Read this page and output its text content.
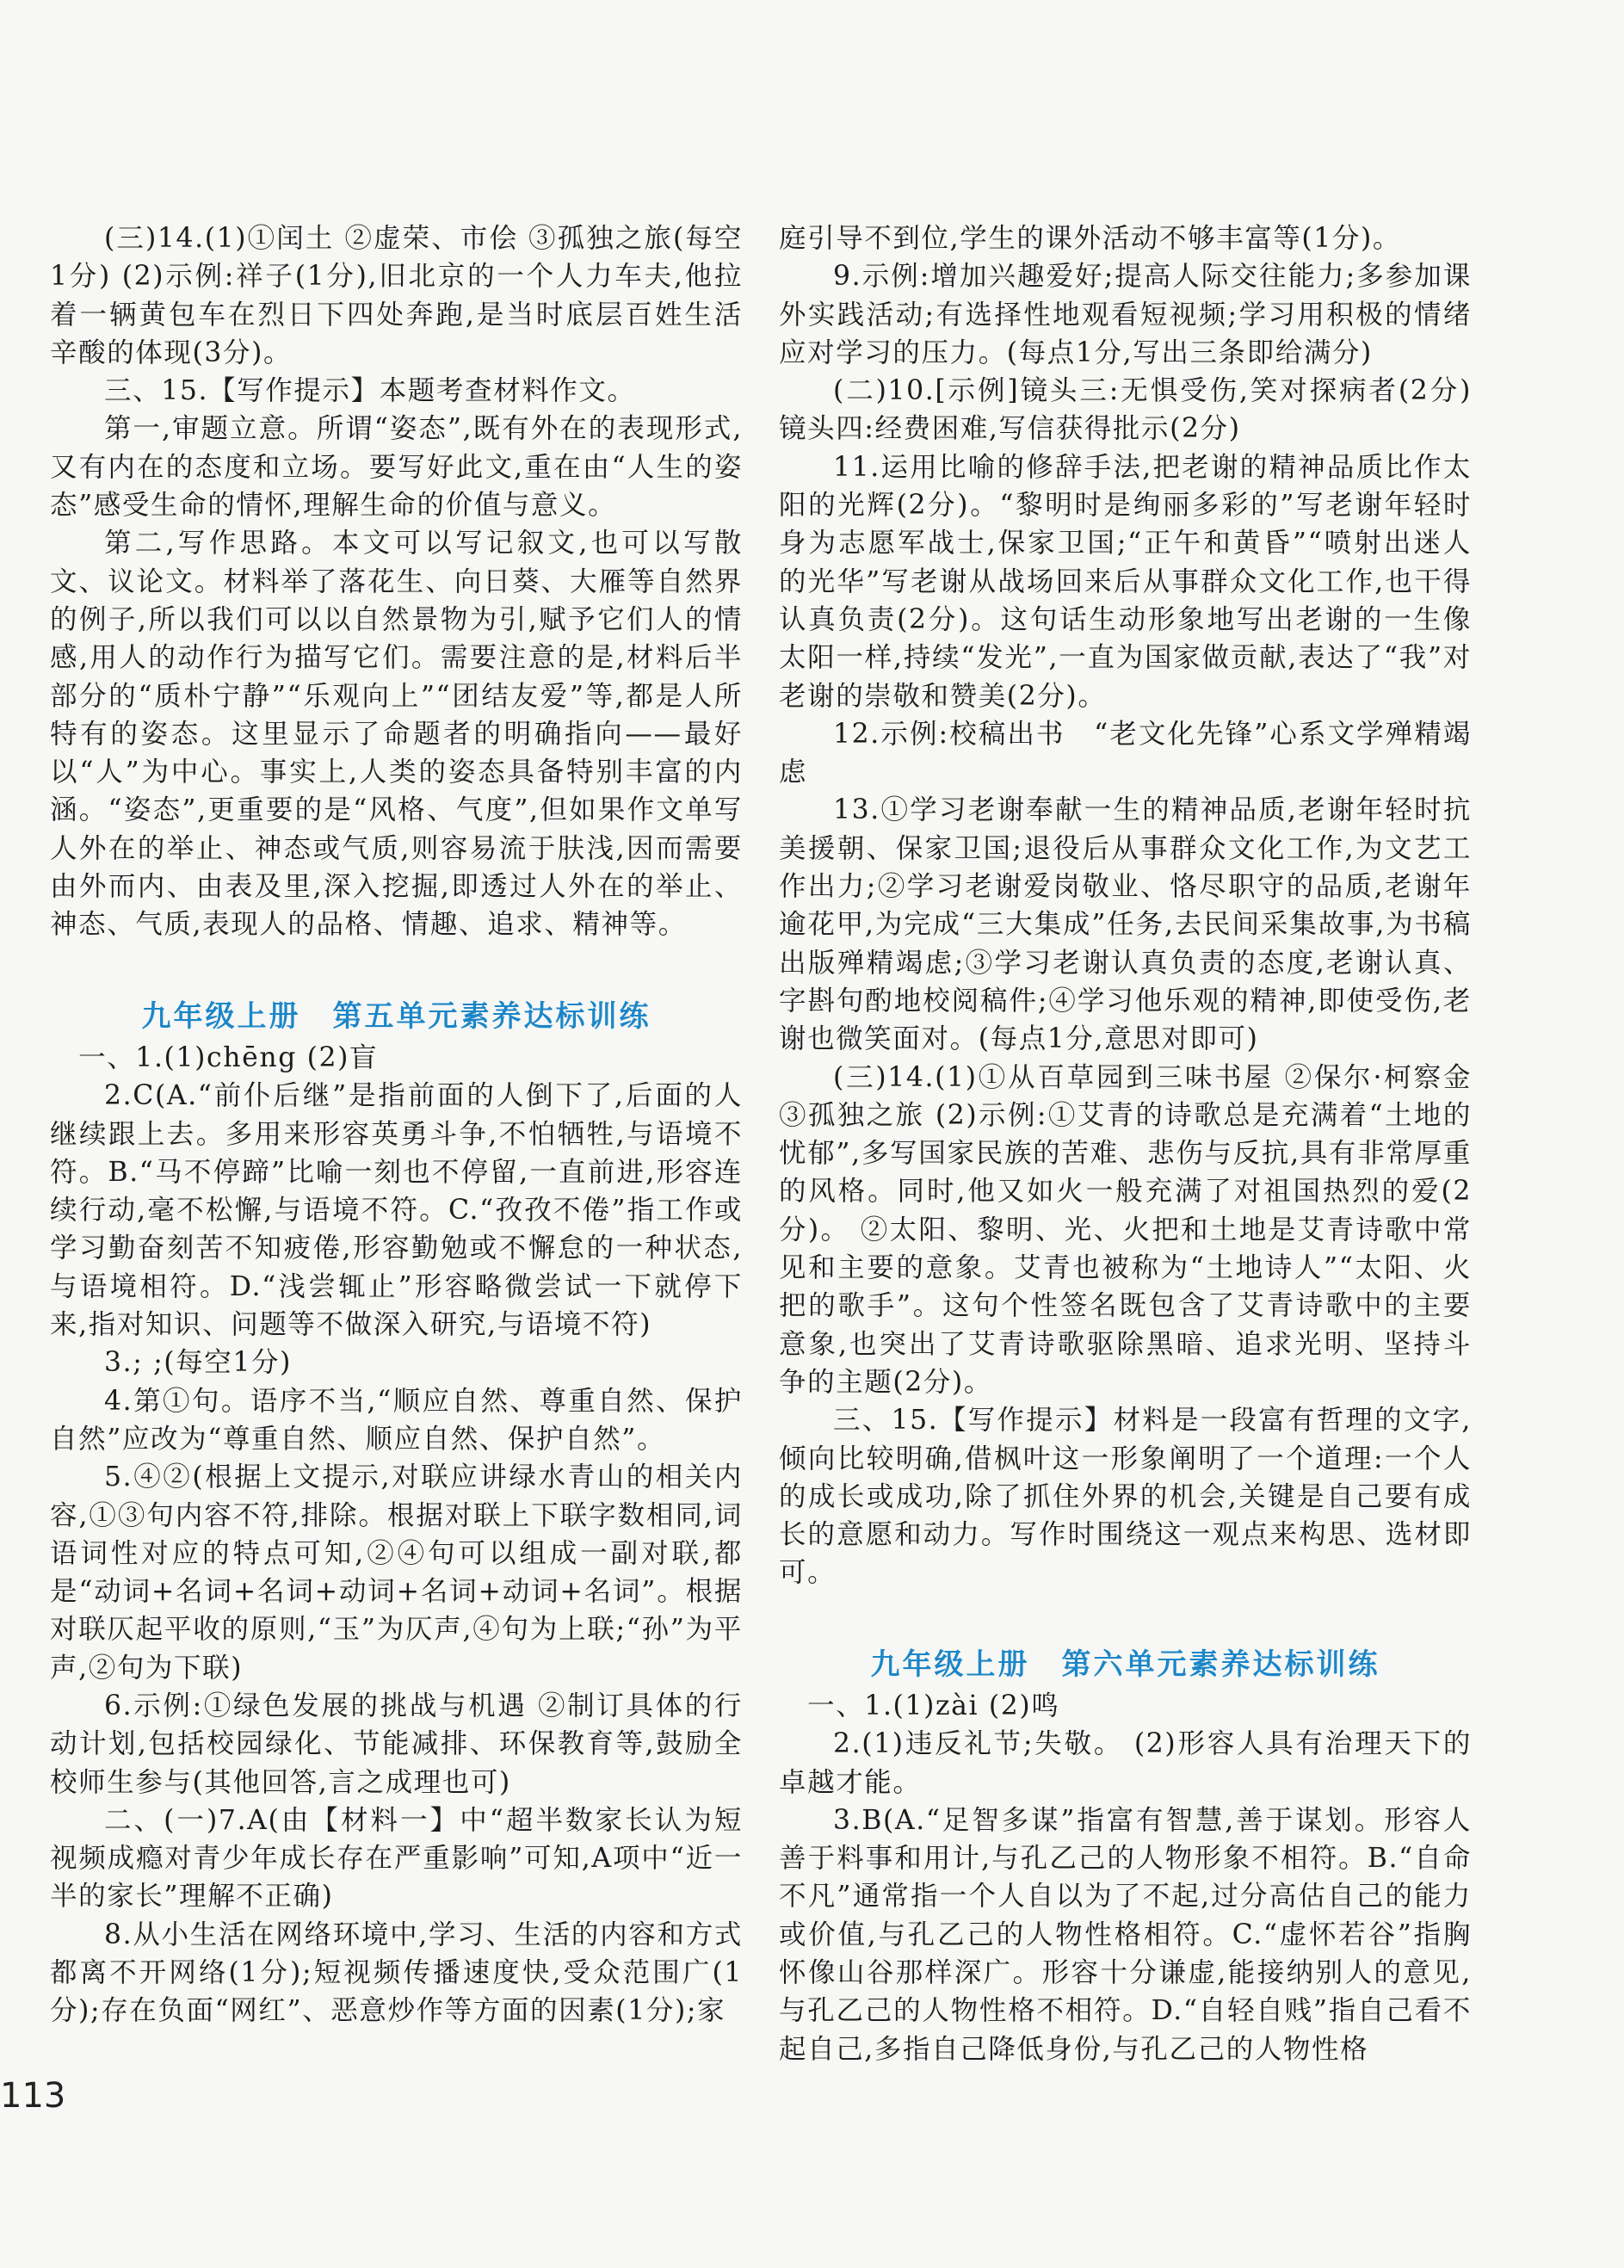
(三)14.(1)①闰土 ②虚荣、市侩 ③孤独之旅(每空1分) (2)示例:祥子(1分),旧北京的一个人力车夫,他拉着一辆黄包车在烈日下四处奔跑,是当时底层百姓生活辛酸的体现(3分)。
三、15.【写作提示】本题考查材料作文。
第一,审题立意。所谓“姿态”,既有外在的表现形式,又有内在的态度和立场。要写好此文,重在由“人生的姿态”感受生命的情怀,理解生命的价值与意义。
第二,写作思路。本文可以写记叙文,也可以写散文、议论文。材料举了落花生、向日葵、大雁等自然界的例子,所以我们可以以自然景物为引,赋予它们人的情感,用人的动作行为描写它们。需要注意的是,材料后半部分的“质朴宁静”“乐观向上”“团结友爱”等,都是人所特有的姿态。这里显示了命题者的明确指向——最好以“人”为中心。事实上,人类的姿态具备特别丰富的内涵。“姿态”,更重要的是“风格、气度”,但如果作文单写人外在的举止、神态或气质,则容易流于肤浅,因而需要由外而内、由表及里,深入挖掘,即透过人外在的举止、神态、气质,表现人的品格、情趣、追求、精神等。
九年级上册　第五单元素养达标训练
　一、1.(1)chēng (2)盲
2.C(A.“前仆后继”是指前面的人倒下了,后面的人继续跟上去。多用来形容英勇斗争,不怕牺牲,与语境不符。B.“马不停蹄”比喻一刻也不停留,一直前进,形容连续行动,毫不松懈,与语境不符。C.“孜孜不倦”指工作或学习勤奋刻苦不知疲倦,形容勤勉或不懈怠的一种状态,与语境相符。D.“浅尝辄止”形容略微尝试一下就停下来,指对知识、问题等不做深入研究,与语境不符)
3.; ;(每空1分)
4.第①句。语序不当,“顺应自然、尊重自然、保护自然”应改为“尊重自然、顺应自然、保护自然”。
5.④②(根据上文提示,对联应讲绿水青山的相关内容,①③句内容不符,排除。根据对联上下联字数相同,词语词性对应的特点可知,②④句可以组成一副对联,都是“动词+名词+名词+动词+名词+动词+名词”。根据对联仄起平收的原则,“玉”为仄声,④句为上联;“孙”为平声,②句为下联)
6.示例:①绿色发展的挑战与机遇 ②制订具体的行动计划,包括校园绿化、节能减排、环保教育等,鼓励全校师生参与(其他回答,言之成理也可)
二、(一)7.A(由【材料一】中“超半数家长认为短视频成瘾对青少年成长存在严重影响”可知,A项中“近一半的家长”理解不正确)
8.从小生活在网络环境中,学习、生活的内容和方式都离不开网络(1分);短视频传播速度快,受众范围广(1分);存在负面“网红”、恶意炒作等方面的因素(1分);家
庭引导不到位,学生的课外活动不够丰富等(1分)。
9.示例:增加兴趣爱好;提高人际交往能力;多参加课外实践活动;有选择性地观看短视频;学习用积极的情绪应对学习的压力。(每点1分,写出三条即给满分)
(二)10.[示例]镜头三:无惧受伤,笑对探病者(2分) 镜头四:经费困难,写信获得批示(2分)
11.运用比喻的修辞手法,把老谢的精神品质比作太阳的光辉(2分)。“黎明时是绚丽多彩的”写老谢年轻时身为志愿军战士,保家卫国;“正午和黄昏”“喷射出迷人的光华”写老谢从战场回来后从事群众文化工作,也干得认真负责(2分)。这句话生动形象地写出老谢的一生像太阳一样,持续“发光”,一直为国家做贡献,表达了“我”对老谢的崇敬和赞美(2分)。
12.示例:校稿出书　“老文化先锋”心系文学殚精竭虑
13.①学习老谢奉献一生的精神品质,老谢年轻时抗美援朝、保家卫国;退役后从事群众文化工作,为文艺工作出力;②学习老谢爱岗敬业、恪尽职守的品质,老谢年逾花甲,为完成“三大集成”任务,去民间采集故事,为书稿出版殚精竭虑;③学习老谢认真负责的态度,老谢认真、字斟句酌地校阅稿件;④学习他乐观的精神,即使受伤,老谢也微笑面对。(每点1分,意思对即可)
(三)14.(1)①从百草园到三味书屋 ②保尔·柯察金 ③孤独之旅 (2)示例:①艾青的诗歌总是充满着“土地的忧郁”,多写国家民族的苦难、悲伤与反抗,具有非常厚重的风格。同时,他又如火一般充满了对祖国热烈的爱(2分)。 ②太阳、黎明、光、火把和土地是艾青诗歌中常见和主要的意象。艾青也被称为“土地诗人”“太阳、火把的歌手”。这句个性签名既包含了艾青诗歌中的主要意象,也突出了艾青诗歌驱除黑暗、追求光明、坚持斗争的主题(2分)。
三、15.【写作提示】材料是一段富有哲理的文字,倾向比较明确,借枫叶这一形象阐明了一个道理:一个人的成长或成功,除了抓住外界的机会,关键是自己要有成长的意愿和动力。写作时围绕这一观点来构思、选材即可。
九年级上册　第六单元素养达标训练
　一、1.(1)zài (2)鸣
2.(1)违反礼节;失敬。 (2)形容人具有治理天下的卓越才能。
3.B(A.“足智多谋”指富有智慧,善于谋划。形容人善于料事和用计,与孔乙己的人物形象不相符。B.“自命不凡”通常指一个人自以为了不起,过分高估自己的能力或价值,与孔乙己的人物性格相符。C.“虚怀若谷”指胸怀像山谷那样深广。形容十分谦虚,能接纳别人的意见,与孔乙己的人物性格不相符。D.“自轻自贱”指自己看不起自己,多指自己降低身份,与孔乙己的人物性格
113
